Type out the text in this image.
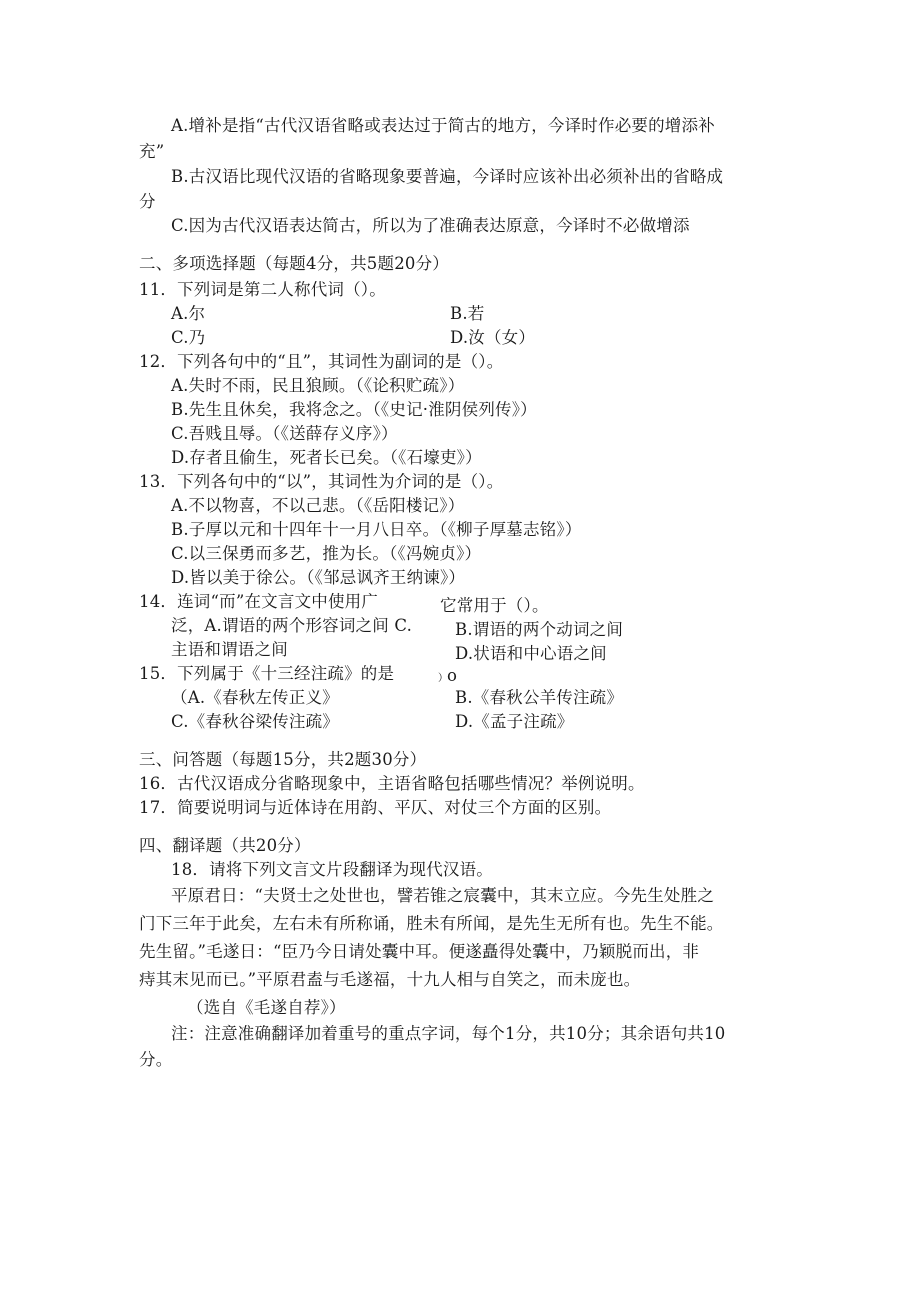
A.增补是指“古代汉语省略或表达过于简古的地方，今译时作必要的增添补
充”
B.古汉语比现代汉语的省略现象要普遍，今译时应该补出必须补出的省略成
分
C.因为古代汉语表达简古，所以为了准确表达原意，今译时不必做增添
二、多项选择题（每题4分，共5题20分）
11．下列词是第二人称代词（）。
A.尔	B.若
C.乃	D.汝（女）
12．下列各句中的“且”，其词性为副词的是（）。
A.失时不雨，民且狼顾。（《论积贮疏》）
B.先生且休矣，我将念之。（《史记·淮阴侯列传》）
C.吾贱且辱。（《送薛存义序》）
D.存者且偷生，死者长已矣。（《石壕吏》）
13．下列各句中的“以”，其词性为介词的是（）。
A.不以物喜，不以己悲。（《岳阳楼记》）
B.子厚以元和十四年十一月八日卒。（《柳子厚墓志铭》）
C.以三保勇而多艺，推为长。（《冯婉贞》）
D.皆以美于徐公。（《邹忌讽齐王纳谏》）
14．连词“而”在文言文中使用广	它常用于（）。
泛，A.谓语的两个形容词之间 C.	B.谓语的两个动词之间
主语和谓语之间	D.状语和中心语之间
15．下列属于《十三经注疏》的是	）
o
（A.《春秋左传正义》	B.《春秋公羊传注疏》
C.《春秋谷梁传注疏》	D.《孟子注疏》
三、问答题（每题15分，共2题30分）
16．古代汉语成分省略现象中，主语省略包括哪些情况？举例说明。
17．简要说明词与近体诗在用韵、平仄、对仗三个方面的区别。
四、翻译题（共20分）
18．请将下列文言文片段翻译为现代汉语。
平原君日：“夫贤士之处世也，譬若锥之宸囊中，其末立应。今先生处胜之
门下三年于此矣，左右未有所称诵，胜未有所闻，是先生无所有也。先生不能。
先生留。”毛遂日：“臣乃今日请处囊中耳。便遂矗得处囊中，乃颖脱而出，非
痔其末见而已。”平原君盍与毛遂福，十九人相与自笑之，而未庞也。
（选自《毛遂自荐》）
注：注意准确翻译加着重号的重点字词，每个1分，共10分；其余语句共10
分。
